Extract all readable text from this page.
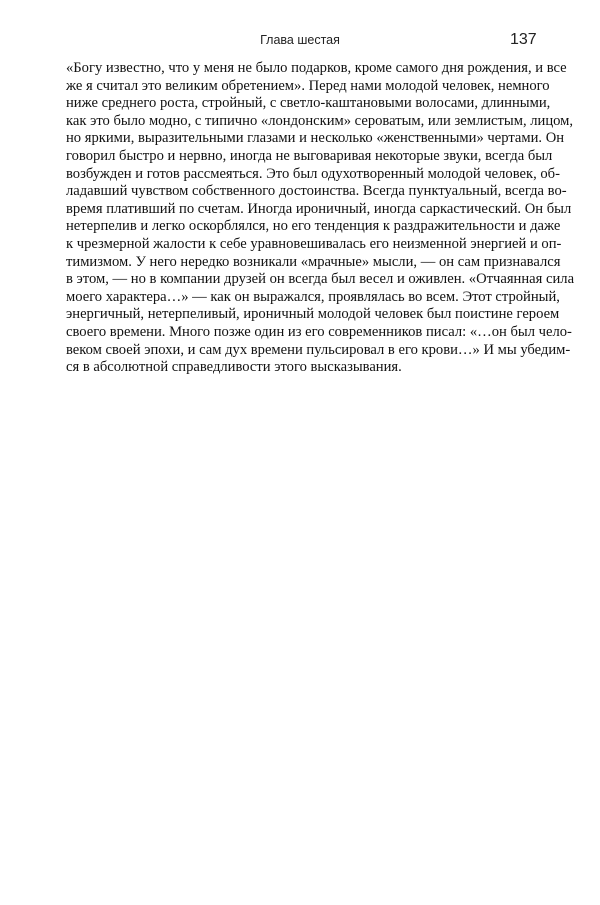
Глава шестая	137
«Богу известно, что у меня не было подарков, кроме самого дня рождения, и все
же я считал это великим обретением». Перед нами молодой человек, немного
ниже среднего роста, стройный, с светло-каштановыми волосами, длинными,
как это было модно, с типично «лондонским» сероватым, или землистым, лицом,
но яркими, выразительными глазами и несколько «женственными» чертами. Он
говорил быстро и нервно, иногда не выговаривая некоторые звуки, всегда был
возбужден и готов рассмеяться. Это был одухотворенный молодой человек, об-
ладавший чувством собственного достоинства. Всегда пунктуальный, всегда во-
время плативший по счетам. Иногда ироничный, иногда саркастический. Он был
нетерпелив и легко оскорблялся, но его тенденция к раздражительности и даже
к чрезмерной жалости к себе уравновешивалась его неизменной энергией и оп-
тимизмом. У него нередко возникали «мрачные» мысли, — он сам признавался
в этом, — но в компании друзей он всегда был весел и оживлен. «Отчаянная сила
моего характера…» — как он выражался, проявлялась во всем. Этот стройный,
энергичный, нетерпеливый, ироничный молодой человек был поистине героем
своего времени. Много позже один из его современников писал: «…он был чело-
веком своей эпохи, и сам дух времени пульсировал в его крови…» И мы убедим-
ся в абсолютной справедливости этого высказывания.
